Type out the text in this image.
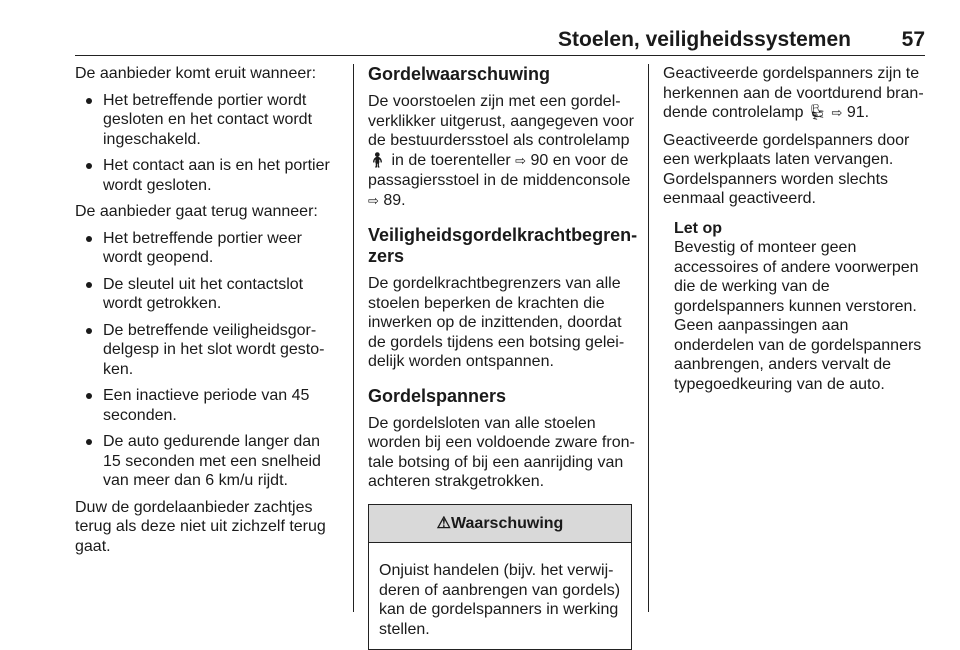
Stoelen, veiligheidssystemen 57

De aanbieder komt eruit wanneer:

Het betreffende portier wordt gesloten en het contact wordt ingeschakeld.
Het contact aan is en het portier wordt gesloten.

De aanbieder gaat terug wanneer:

Het betreffende portier weer wordt geopend.
De sleutel uit het contactslot wordt getrokken.
De betreffende veiligheidsgordelgesp in het slot wordt gestoken.
Een inactieve periode van 45 seconden.
De auto gedurende langer dan 15 seconden met een snelheid van meer dan 6 km/u rijdt.

Duw de gordelaanbieder zachtjes terug als deze niet uit zichzelf terug gaat.

Gordelwaarschuwing

De voorstoelen zijn met een gordelverklikker uitgerust, aangegeven voor de bestuurdersstoel als controlelamp 🧍︎ in de toerenteller ⇨ 90 en voor de passagiersstoel in de middenconsole ⇨ 89.

Veiligheidsgordelkrachtbegrenzers

De gordelkrachtbegrenzers van alle stoelen beperken de krachten die inwerken op de inzittenden, doordat de gordels tijdens een botsing geleidelijk worden ontspannen.

Gordelspanners

De gordelsloten van alle stoelen worden bij een voldoende zware frontale botsing of bij een aanrijding van achteren strakgetrokken.

⚠︎Waarschuwing
Onjuist handelen (bijv. het verwijderen of aanbrengen van gordels) kan de gordelspanners in werking stellen.

Geactiveerde gordelspanners zijn te herkennen aan de voortdurend brandende controlelamp 💺︎ ⇨ 91.

Geactiveerde gordelspanners door een werkplaats laten vervangen. Gordelspanners worden slechts eenmaal geactiveerd.

Let op
Bevestig of monteer geen accessoires of andere voorwerpen die de werking van de gordelspanners kunnen verstoren. Geen aanpassingen aan onderdelen van de gordelspanners aanbrengen, anders vervalt de typegoedkeuring van de auto.
